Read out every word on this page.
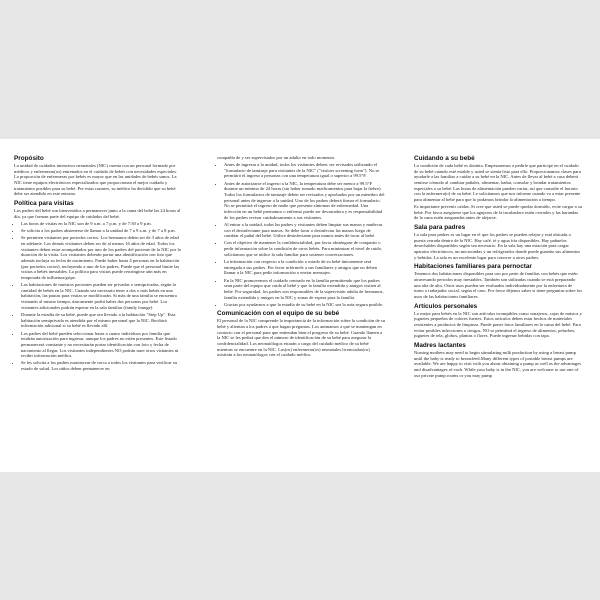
Propósito

La unidad de cuidados intensivos neonatales (NIC) cuenta con un personal formado por médicos y enfermeras(os) entrenados en el cuidado de bebés con necesidades especiales. La proporción de enfermeras por bebés es mayor que en las unidades de bebés sanos. La NIC tiene equipos electrónicos especializados que proporcionan el mejor cuidado y tratamiento posibles para su bebé. Por estas razones, su médico ha decidido que su bebé debe ser atendido en este entorno.

Política para visitas

Los padres del bebé son bienvenidos a permanecer junto a la cama del bebé las 24 horas al día, ya que forman parte del equipo de cuidados del bebé.

• Las horas de visitas en la NIC son de 9 a.m. a 7 p.m. y de 7:30 a 9 p.m.
• Se solicita a los padres abstenerse de llamar a la unidad de 7 a 9 a.m. y de 7 a 8 p.m.
• Se permiten visitantes por periodos cortos. Los hermanos deben ser de 3 años de edad en adelante. Los demás visitantes deben ser de al menos 16 años de edad. Todos los visitantes deben estar acompañados por uno de los padres del paciente de la NIC por la duración de la visita. Los visitantes deberán portar una identificación con foto que además incluya su fecha de nacimiento. Puede haber hasta 4 personas en la habitación (por periodos cortos), incluyendo a uno de los padres. Puede que el personal limite las visitas a bebés inestables. La política para visitas puede restringirse aún más en temporada de influenza/gripe.
• Las habitaciones de nuestros pacientes pueden ser privadas o semiprivadas, según la cantidad de bebés en la NIC. Cuando sea necesario tener a dos o más bebés en una habitación, las pautas para visitas se modificarán. Si más de una familia se encuentra visitando al mismo tiempo, únicamente podrá haber dos personas por bebé. Los visitantes adicionales podrán esperar en la sala familiar (family lounge).
• Durante la estadía de su bebé, puede que sea llevado a la habitación "Step Up". Esta habitación semiprivada es atendida por el mismo personal que la NIC. Recibirá información adicional si su bebé es llevado allí.
• Los padres del bebé pueden seleccionar hasta a cuatro individuos por familia que tendrán autorización para ingresar, aunque los padres no estén presentes. Este listado permanecerá constante y no necesitarán portar identificación con foto y fecha de nacimiento al llegar. Los visitantes independientes NO podrán traer otros visitantes ni recibir información médica.
• Se les solicita a los padres monitorear de cerca a todos los visitantes para verificar su estado de salud. Los niños deben permanecer en

compañía de y ser supervisados por un adulto en todo momento.

• Antes de ingresar a la unidad, todos los visitantes deben: ser revisados utilizando el "formulario de tamizaje para visitantes de la NIC" ("visitors screening form"). No se permitirá el ingreso a personas con una temperatura igual o superior a 99.5°F.
• Antes de autorizarse el ingreso a la NIC, la temperatura debe ser menor a 99.5°F durante un mínimo de 24 horas (sin haber tomado medicamentos para bajar la fiebre). Todos los formularios de tamizaje deben ser revisados y aprobados por un miembro del personal antes de ingresar a la unidad. Uno de los padres deberá firmar el formulario. No se permitirá el ingreso de nadie que presente síntomas de enfermedad. Una infección en un bebé prematuro o enfermo puede ser devastadora y es responsabilidad de los padres revisar cuidadosamente a sus visitantes.
• Al entrar a la unidad, todas las padres y visitantes deben limpiar sus manos y muñecas con el desinfectante para manos. Se debe lavar o desinfectar las manos luego de cambiar el pañal del bebé. Utilice desinfectante para manos antes de tocar al bebé.
• Con el objetivo de mantener la confidencialidad, por favor absténgase de compartir o pedir información sobre la condición de otros bebés. Para minimizar el nivel de ruido, solicitamos que se utilice la sala familiar para sostener conversaciones.
• La información con respecto a la condición o estado de su bebé únicamente será entregada a sus padres. Por favor infórmele a sus familiares y amigos que no deben llamar a la NIC para pedir información o enviar mensajes.
• En la NIC promovemos el cuidado centrado en la familia permitiendo que los padres sean parte del equipo que cuida al bebé y que la familia extendida y amigos visiten al bebé. Por seguridad, los padres son responsables de la supervisión adulta de hermanos, familia extendida y amigos en la NIC y zonas de espera para la familia.
• Gracias por ayudarnos a que la estadía de su bebé en la NIC sea lo más segura posible.
Comunicación con el equipo de su bebé

El personal de la NIC comprende la importancia de la información sobre la condición de su bebé y alientan a los padres a que hagan preguntas. Los animamos a que se mantengan en contacto con el personal para que entiendan bien el progreso de su bebé. Cuando llamen a la NIC se les pedirá que den el número de identificación de su bebé para asegurar la confidencialidad. Los neonatólogos estarán a cargo del cuidado médico de su bebé mientras se encuentre en la NIC. Las(os) enfermeras(os) neonatales licenciadas(os) asistirán a los neonatólogos con el cuidado médico.

Cuidando a su bebé

La condición de cada bebé es distinta. Empezaremos a pedirle que participe en el cuidado de su bebé cuando esté estable y usted se sienta listo para ello. Proporcionamos clases para ayudarle a las familias a cuidar a su bebé en la NIC. Antes de llevar al bebé a casa deberá sentirse cómodo al cambiar pañales, alimentar, bañar, consolar y brindar tratamientos especiales a su bebé. Las horas de alimentación pueden variar, así que consulte el horario con la enfermera(o) de su bebé. Le solicitamos que nos informe cuando va a estar presente para alimentar al bebé para que lo podamos brindar la alimentación a tiempo.

Es importante prevenir caídas. Si cree que usted se puede quedar dormido, evite cargar a su bebé. Por favor asegúrese que los agujeros de la incubadora estén cerrados y las barandas de la cuna estén aseguradas antes de alejarse.

Sala para padres

La sala para padres es un lugar en el que los padres se pueden relajar y está ubicada a puerta cerrada dentro de la NIC. Hay café, té y agua fría disponibles. Hay pañuelos desechables disponibles según sea necesario. En la sala hay una estación para cargar aparatos electrónicos, un microondas y un refrigerador donde puede guardar sus alimentos y bebidas. La sala es un excelente lugar para conocer a otros padres.

Habitaciones familiares para pernoctar

Tenemos dos habitaciones disponibles para uso por parte de familias con bebés que estén atravesando periodos muy inestables. También son utilizadas cuando se está preparando una alta de alto. Otros usos pueden ser evaluados individualmente por la enfermera de turno o trabajador social, según el caso. Por favor déjenos saber si tiene preguntas sobre los usos de las habitaciones familiares.

Artículos personales

Lo mejor para bebés en la NIC son artículos irrompibles como sonajeros, cajas de música y juguetes pequeños de colores fuertes. Estos artículos deben estar hechos de materiales resistentes a productos de limpieza. Puede poner fotos familiares en la cama del bebé. Para evitar posibles infecciones o riesgos, NO se permitirá el ingreso de alimentos, peluches, juguetes de tela, globos, plantas o flores. Puede ingresar bebidas con tapa.

Madres lactantes

Nursing mothers may need to begin stimulating milk production by using a breast pump until the baby is ready to breastfeed.Many different types of portable breast pumps are available. We are happy to visit with you about obtaining a pump as well as the advantages and disadvantages of each. While your baby is in the NIC, you are welcome to use one of our private pump rooms or you may pump
